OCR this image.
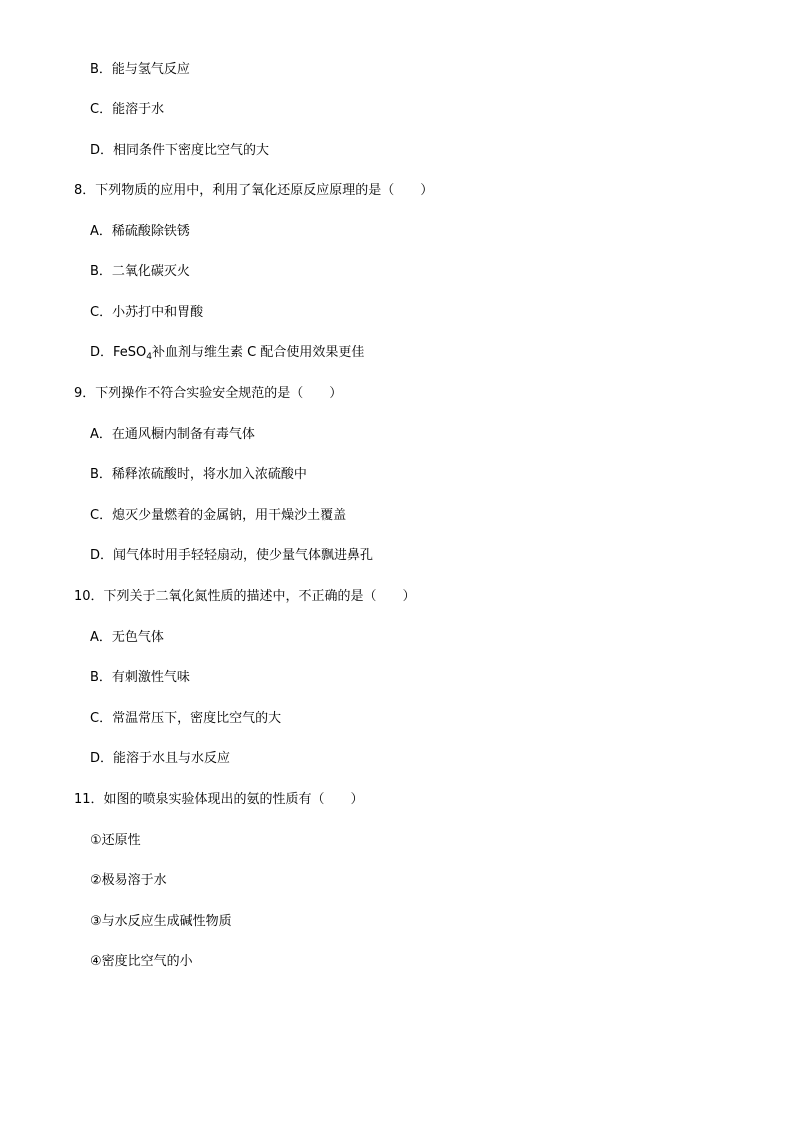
B．能与氢气反应
C．能溶于水
D．相同条件下密度比空气的大
8．下列物质的应用中，利用了氧化还原反应原理的是（　　）
A．稀硫酸除铁锈
B．二氧化碳灭火
C．小苏打中和胃酸
D．FeSO$_4$补血剂与维生素 C 配合使用效果更佳
9．下列操作不符合实验安全规范的是（　　）
A．在通风橱内制备有毒气体
B．稀释浓硫酸时，将水加入浓硫酸中
C．熄灭少量燃着的金属钠，用干燥沙土覆盖
D．闻气体时用手轻轻扇动，使少量气体飘进鼻孔
10．下列关于二氧化氮性质的描述中，不正确的是（　　）
A．无色气体
B．有刺激性气味
C．常温常压下，密度比空气的大
D．能溶于水且与水反应
11．如图的喷泉实验体现出的氨的性质有（　　）
①还原性
②极易溶于水
③与水反应生成碱性物质
④密度比空气的小
